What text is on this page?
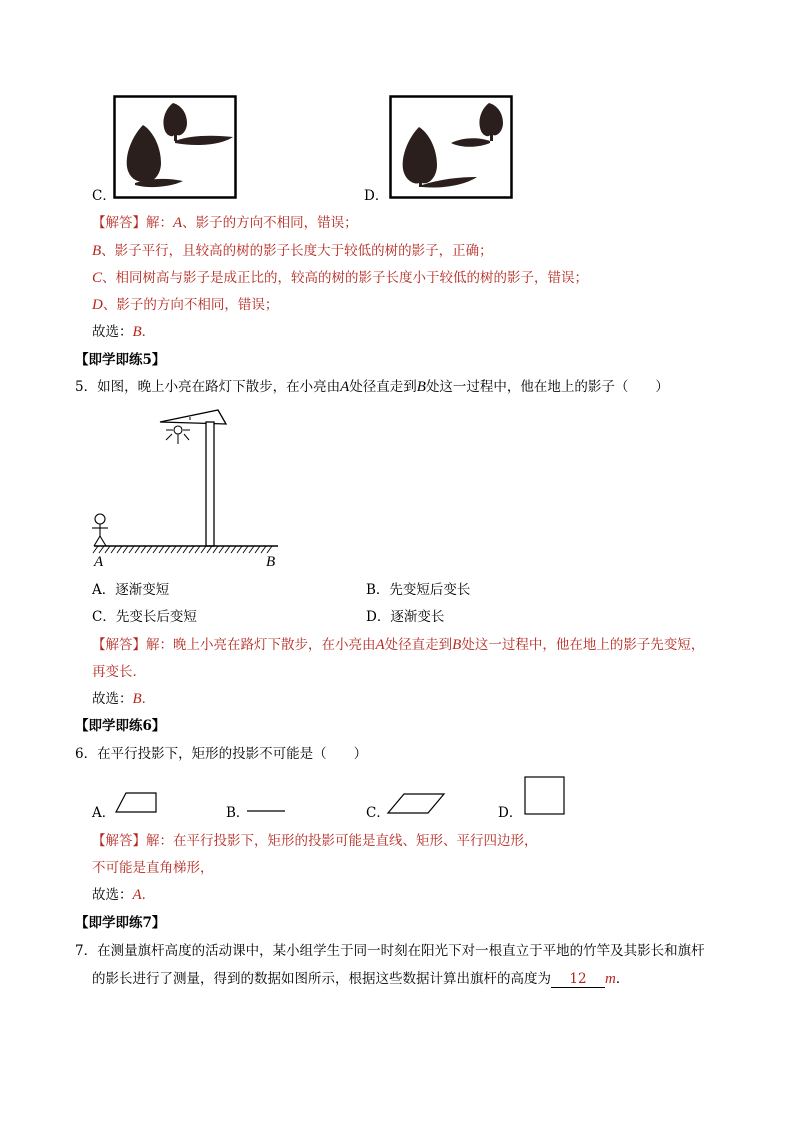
C．	D．
【解答】解：A、影子的方向不相同，错误；
B、影子平行，且较高的树的影子长度大于较低的树的影子，正确；
C、相同树高与影子是成正比的，较高的树的影子长度小于较低的树的影子，错误；
D、影子的方向不相同，错误；
故选：B．
【即学即练5】
5．如图，晚上小亮在路灯下散步，在小亮由A处径直走到B处这一过程中，他在地上的影子（　　）
A	B
A．逐渐变短	B．先变短后变长
C．先变长后变短	D．逐渐变长
【解答】解：晚上小亮在路灯下散步，在小亮由A处径直走到B处这一过程中，他在地上的影子先变短，
再变长．
故选：B．
【即学即练6】
6．在平行投影下，矩形的投影不可能是（　　）
A．	B．	C．	D．
【解答】解：在平行投影下，矩形的投影可能是直线、矩形、平行四边形，
不可能是直角梯形，
故选：A．
【即学即练7】
7．在测量旗杆高度的活动课中，某小组学生于同一时刻在阳光下对一根直立于平地的竹竿及其影长和旗杆
的影长进行了测量，得到的数据如图所示，根据这些数据计算出旗杆的高度为 12 m．
